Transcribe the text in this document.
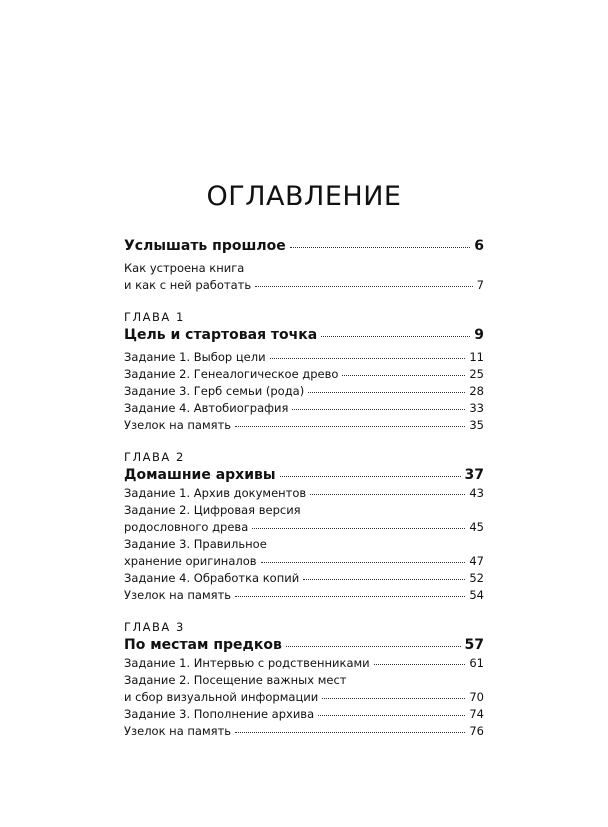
ОГЛАВЛЕНИЕ
Услышать прошлое	6
Как устроена книга
и как с ней работать	7
ГЛАВА 1
Цель и стартовая точка	9
Задание 1. Выбор цели	11
Задание 2. Генеалогическое древо	25
Задание 3. Герб семьи (рода)	28
Задание 4. Автобиография	33
Узелок на память	35
ГЛАВА 2
Домашние архивы	37
Задание 1. Архив документов	43
Задание 2. Цифровая версия
родословного древа	45
Задание 3. Правильное
хранение оригиналов	47
Задание 4. Обработка копий	52
Узелок на память	54
ГЛАВА 3
По местам предков	57
Задание 1. Интервью с родственниками	61
Задание 2. Посещение важных мест
и сбор визуальной информации	70
Задание 3. Пополнение архива	74
Узелок на память	76
